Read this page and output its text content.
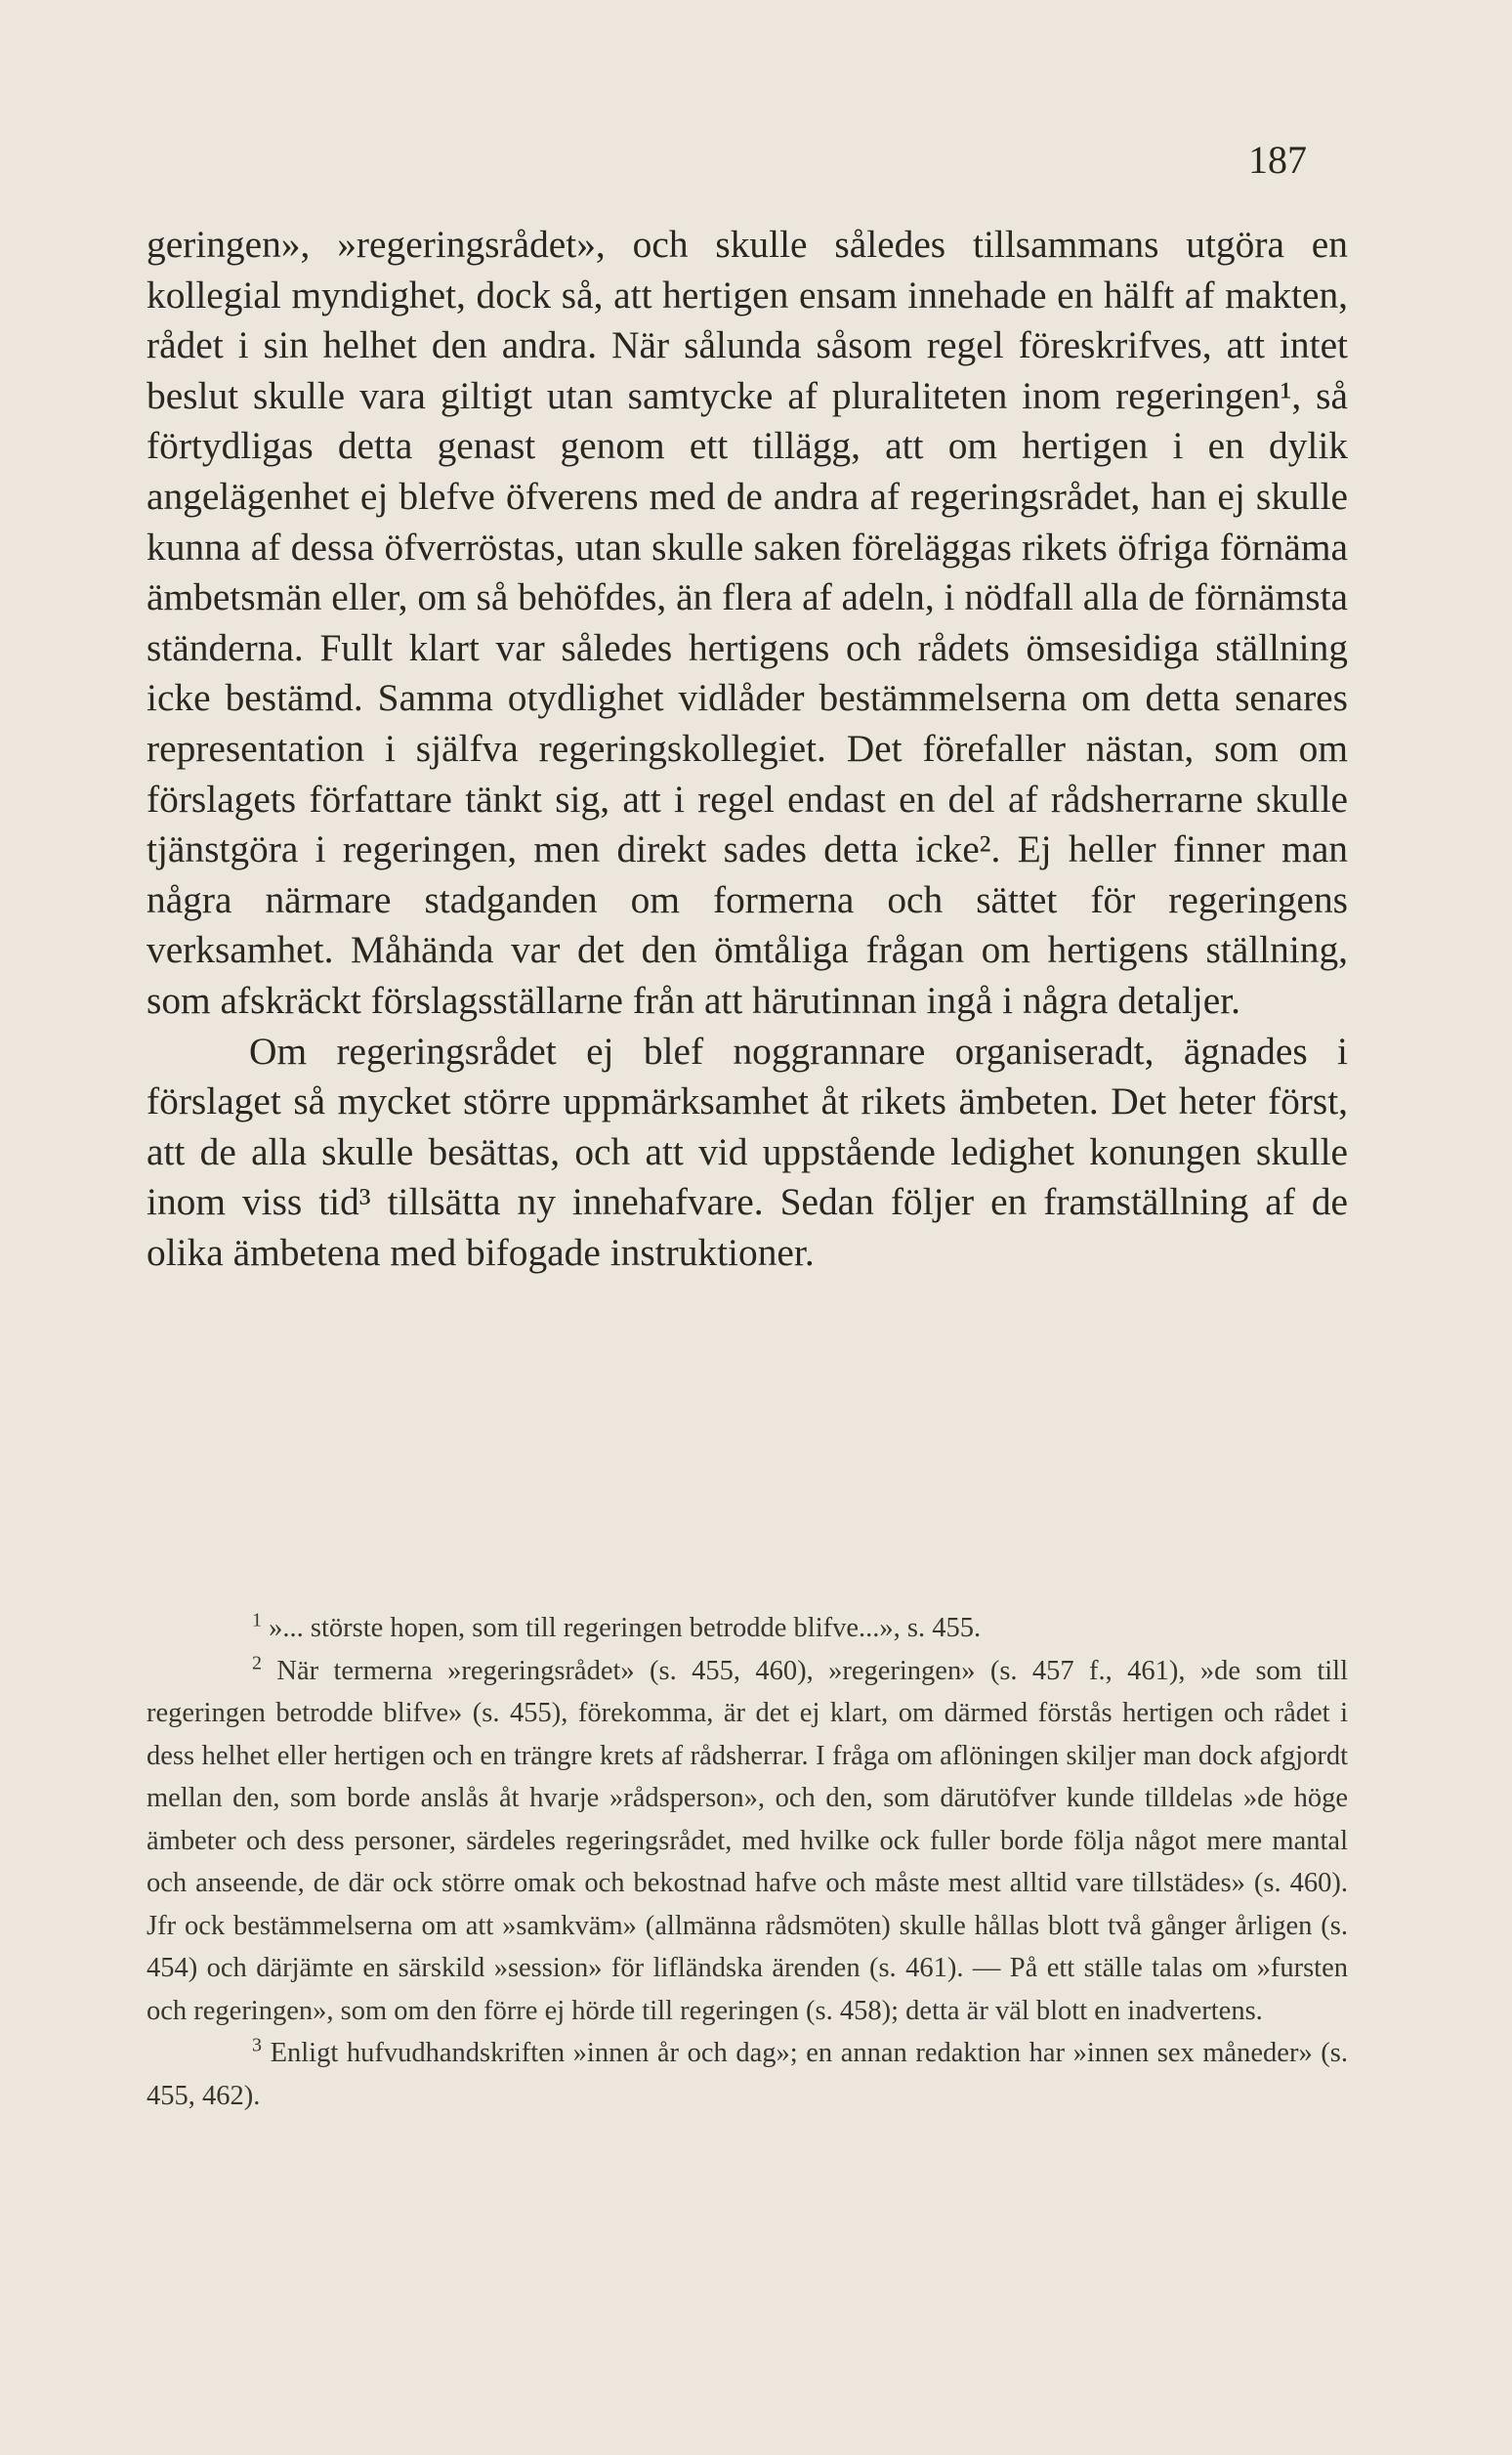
187

geringen», »regeringsrådet», och skulle således tillsammans utgöra en kollegial myndighet, dock så, att hertigen ensam innehade en hälft af makten, rådet i sin helhet den andra. När sålunda såsom regel föreskrifves, att intet beslut skulle vara giltigt utan samtycke af pluraliteten inom regeringen¹, så förtydligas detta genast genom ett tillägg, att om hertigen i en dylik angelägenhet ej blefve öfverens med de andra af regeringsrådet, han ej skulle kunna af dessa öfverröstas, utan skulle saken föreläggas rikets öfriga förnäma ämbetsmän eller, om så behöfdes, än flera af adeln, i nödfall alla de förnämsta ständerna. Fullt klart var således hertigens och rådets ömsesidiga ställning icke bestämd. Samma otydlighet vidlåder bestämmelserna om detta senares representation i själfva regeringskollegiet. Det förefaller nästan, som om förslagets författare tänkt sig, att i regel endast en del af rådsherrarne skulle tjänstgöra i regeringen, men direkt sades detta icke². Ej heller finner man några närmare stadganden om formerna och sättet för regeringens verksamhet. Måhända var det den ömtåliga frågan om hertigens ställning, som afskräckt förslagsställarne från att härutinnan ingå i några detaljer.

Om regeringsrådet ej blef noggrannare organiseradt, ägnades i förslaget så mycket större uppmärksamhet åt rikets ämbeten. Det heter först, att de alla skulle besättas, och att vid uppstående ledighet konungen skulle inom viss tid³ tillsätta ny innehafvare. Sedan följer en framställning af de olika ämbetena med bifogade instruktioner.

$^1$ »... störste hopen, som till regeringen betrodde blifve...», s. 455.

$^2$ När termerna »regeringsrådet» (s. 455, 460), »regeringen» (s. 457 f., 461), »de som till regeringen betrodde blifve» (s. 455), förekomma, är det ej klart, om därmed förstås hertigen och rådet i dess helhet eller hertigen och en trängre krets af rådsherrar. I fråga om aflöningen skiljer man dock afgjordt mellan den, som borde anslås åt hvarje »rådsperson», och den, som därutöfver kunde tilldelas »de höge ämbeter och dess personer, särdeles regeringsrådet, med hvilke ock fuller borde följa något mere mantal och anseende, de där ock större omak och bekostnad hafve och måste mest alltid vare tillstädes» (s. 460). Jfr ock bestämmelserna om att »samkväm» (allmänna rådsmöten) skulle hållas blott två gånger årligen (s. 454) och därjämte en särskild »session» för lifländska ärenden (s. 461). — På ett ställe talas om »fursten och regeringen», som om den förre ej hörde till regeringen (s. 458); detta är väl blott en inadvertens.

$^3$ Enligt hufvudhandskriften »innen år och dag»; en annan redaktion har »innen sex måneder» (s. 455, 462).
